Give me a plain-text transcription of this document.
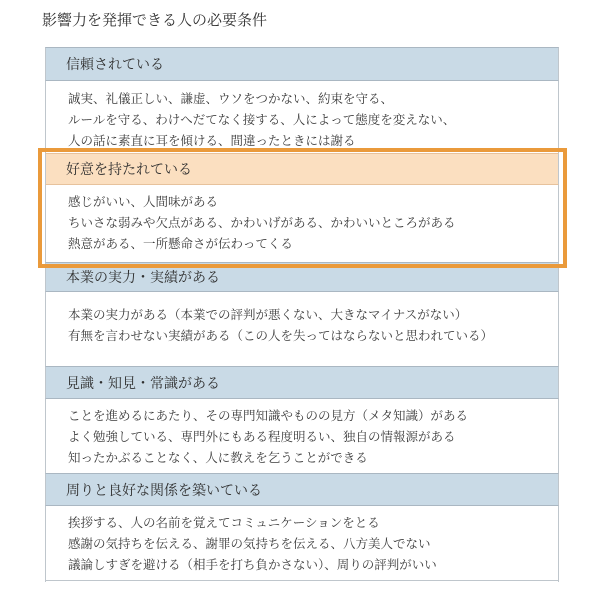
影響力を発揮できる人の必要条件
信頼されている
誠実、礼儀正しい、謙虚、ウソをつかない、約束を守る、
ルールを守る、わけへだてなく接する、人によって態度を変えない、
人の話に素直に耳を傾ける、間違ったときには謝る
好意を持たれている
感じがいい、人間味がある
ちいさな弱みや欠点がある、かわいげがある、かわいいところがある
熱意がある、一所懸命さが伝わってくる
本業の実力・実績がある
本業の実力がある（本業での評判が悪くない、大きなマイナスがない）
有無を言わせない実績がある（この人を失ってはならないと思われている）
見識・知見・常識がある
ことを進めるにあたり、その専門知識やものの見方（メタ知識）がある
よく勉強している、専門外にもある程度明るい、独自の情報源がある
知ったかぶることなく、人に教えを乞うことができる
周りと良好な関係を築いている
挨拶する、人の名前を覚えてコミュニケーションをとる
感謝の気持ちを伝える、謝罪の気持ちを伝える、八方美人でない
議論しすぎを避ける（相手を打ち負かさない）、周りの評判がいい
